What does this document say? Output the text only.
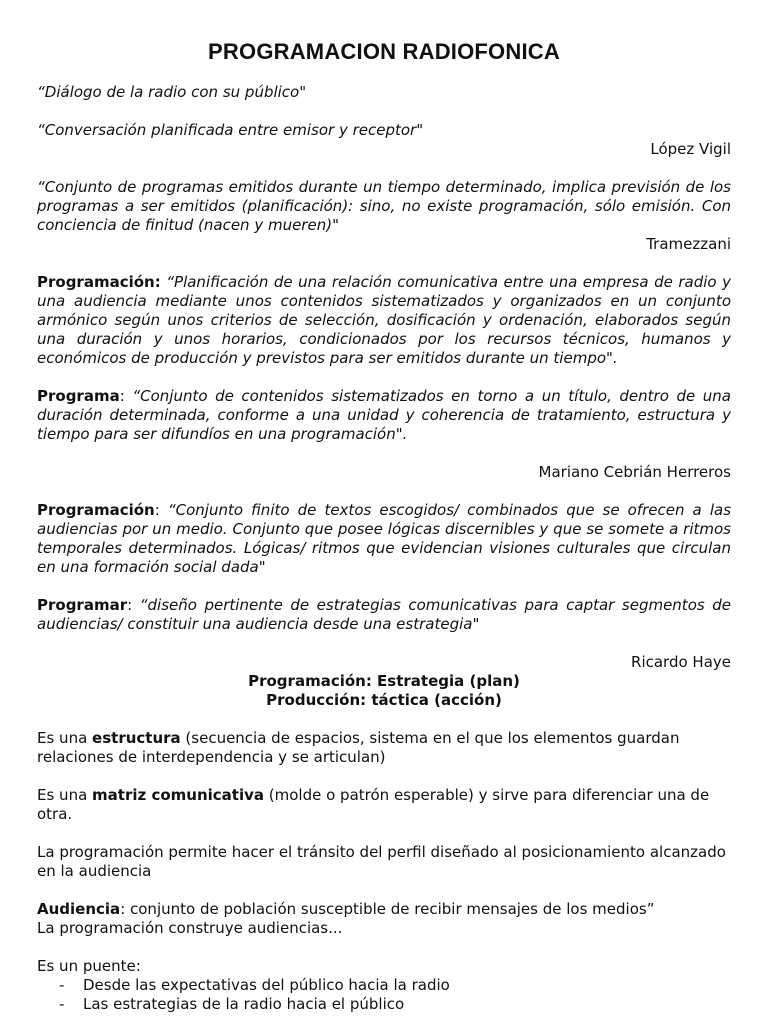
PROGRAMACION RADIOFONICA

“Diálogo de la radio con su público"

“Conversación planificada entre emisor y receptor"

López Vigil

“Conjunto de programas emitidos durante un tiempo determinado, implica previsión de los programas a ser emitidos (planificación): sino, no existe programación, sólo emisión. Con conciencia de finitud (nacen y mueren)"

Tramezzani

Programación: “Planificación de una relación comunicativa entre una empresa de radio y una audiencia mediante unos contenidos sistematizados y organizados en un conjunto armónico según unos criterios de selección, dosificación y ordenación, elaborados según una duración y unos horarios, condicionados por los recursos técnicos, humanos y económicos de producción y previstos para ser emitidos durante un tiempo".

Programa: “Conjunto de contenidos sistematizados en torno a un título, dentro de una duración determinada, conforme a una unidad y coherencia de tratamiento, estructura y tiempo para ser difundíos en una programación".

Mariano Cebrián Herreros

Programación: “Conjunto finito de textos escogidos/ combinados que se ofrecen a las audiencias por un medio. Conjunto que posee lógicas discernibles y que se somete a ritmos temporales determinados. Lógicas/ ritmos que evidencian visiones culturales que circulan en una formación social dada"

Programar: “diseño pertinente de estrategias comunicativas para captar segmentos de audiencias/ constituir una audiencia desde una estrategia"

Ricardo Haye

Programación: Estrategia (plan)

Producción: táctica (acción)

Es una estructura (secuencia de espacios, sistema en el que los elementos guardan relaciones de interdependencia y se articulan)

Es una matriz comunicativa (molde o patrón esperable) y sirve para diferenciar una de otra.

La programación permite hacer el tránsito del perfil diseñado al posicionamiento alcanzado en la audiencia

Audiencia: conjunto de población susceptible de recibir mensajes de los medios”

La programación construye audiencias...

Es un puente:

- Desde las expectativas del público hacia la radio
- Las estrategias de la radio hacia el público
